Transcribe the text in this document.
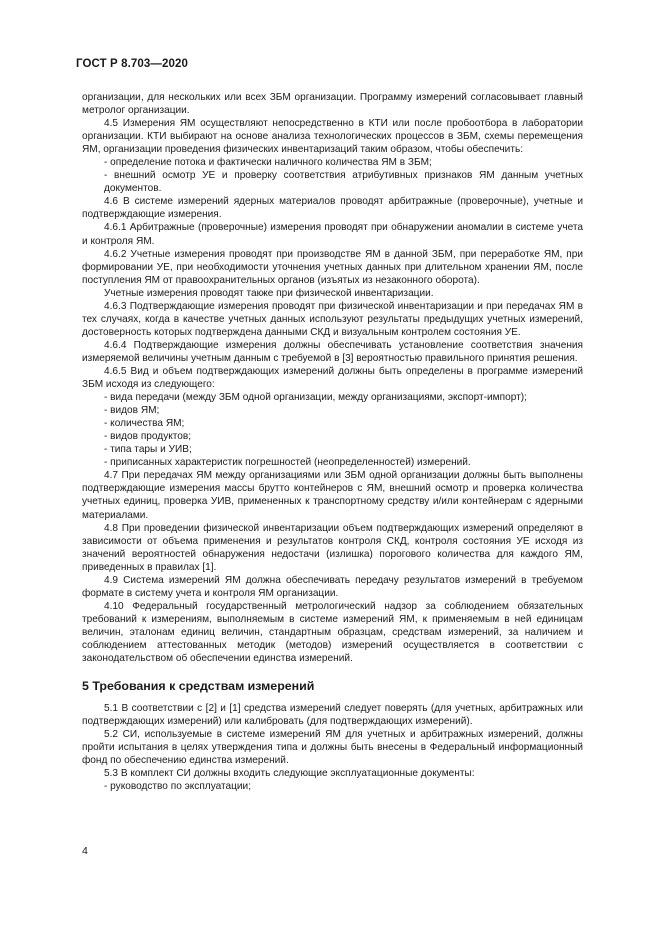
ГОСТ Р 8.703—2020

организации, для нескольких или всех ЗБМ организации. Программу измерений согласовывает главный метролог организации.

4.5 Измерения ЯМ осуществляют непосредственно в КТИ или после пробоотбора в лаборатории организации. КТИ выбирают на основе анализа технологических процессов в ЗБМ, схемы перемещения ЯМ, организации проведения физических инвентаризаций таким образом, чтобы обеспечить:

- определение потока и фактически наличного количества ЯМ в ЗБМ;

- внешний осмотр УЕ и проверку соответствия атрибутивных признаков ЯМ данным учетных документов.

4.6 В системе измерений ядерных материалов проводят арбитражные (проверочные), учетные и подтверждающие измерения.

4.6.1 Арбитражные (проверочные) измерения проводят при обнаружении аномалии в системе учета и контроля ЯМ.

4.6.2 Учетные измерения проводят при производстве ЯМ в данной ЗБМ, при переработке ЯМ, при формировании УЕ, при необходимости уточнения учетных данных при длительном хранении ЯМ, после поступления ЯМ от правоохранительных органов (изъятых из незаконного оборота).

Учетные измерения проводят также при физической инвентаризации.

4.6.3 Подтверждающие измерения проводят при физической инвентаризации и при передачах ЯМ в тех случаях, когда в качестве учетных данных используют результаты предыдущих учетных измерений, достоверность которых подтверждена данными СКД и визуальным контролем состояния УЕ.

4.6.4 Подтверждающие измерения должны обеспечивать установление соответствия значения измеряемой величины учетным данным с требуемой в [3] вероятностью правильного принятия решения.

4.6.5 Вид и объем подтверждающих измерений должны быть определены в программе измерений ЗБМ исходя из следующего:

- вида передачи (между ЗБМ одной организации, между организациями, экспорт-импорт);

- видов ЯМ;

- количества ЯМ;

- видов продуктов;

- типа тары и УИВ;

- приписанных характеристик погрешностей (неопределенностей) измерений.

4.7 При передачах ЯМ между организациями или ЗБМ одной организации должны быть выполнены подтверждающие измерения массы брутто контейнеров с ЯМ, внешний осмотр и проверка количества учетных единиц, проверка УИВ, примененных к транспортному средству и/или контейнерам с ядерными материалами.

4.8 При проведении физической инвентаризации объем подтверждающих измерений определяют в зависимости от объема применения и результатов контроля СКД, контроля состояния УЕ исходя из значений вероятностей обнаружения недостачи (излишка) порогового количества для каждого ЯМ, приведенных в правилах [1].

4.9 Система измерений ЯМ должна обеспечивать передачу результатов измерений в требуемом формате в систему учета и контроля ЯМ организации.

4.10 Федеральный государственный метрологический надзор за соблюдением обязательных требований к измерениям, выполняемым в системе измерений ЯМ, к применяемым в ней единицам величин, эталонам единиц величин, стандартным образцам, средствам измерений, за наличием и соблюдением аттестованных методик (методов) измерений осуществляется в соответствии с законодательством об обеспечении единства измерений.

5 Требования к средствам измерений

5.1 В соответствии с [2] и [1] средства измерений следует поверять (для учетных, арбитражных или подтверждающих измерений) или калибровать (для подтверждающих измерений).

5.2 СИ, используемые в системе измерений ЯМ для учетных и арбитражных измерений, должны пройти испытания в целях утверждения типа и должны быть внесены в Федеральный информационный фонд по обеспечению единства измерений.

5.3 В комплект СИ должны входить следующие эксплуатационные документы:

- руководство по эксплуатации;

4
